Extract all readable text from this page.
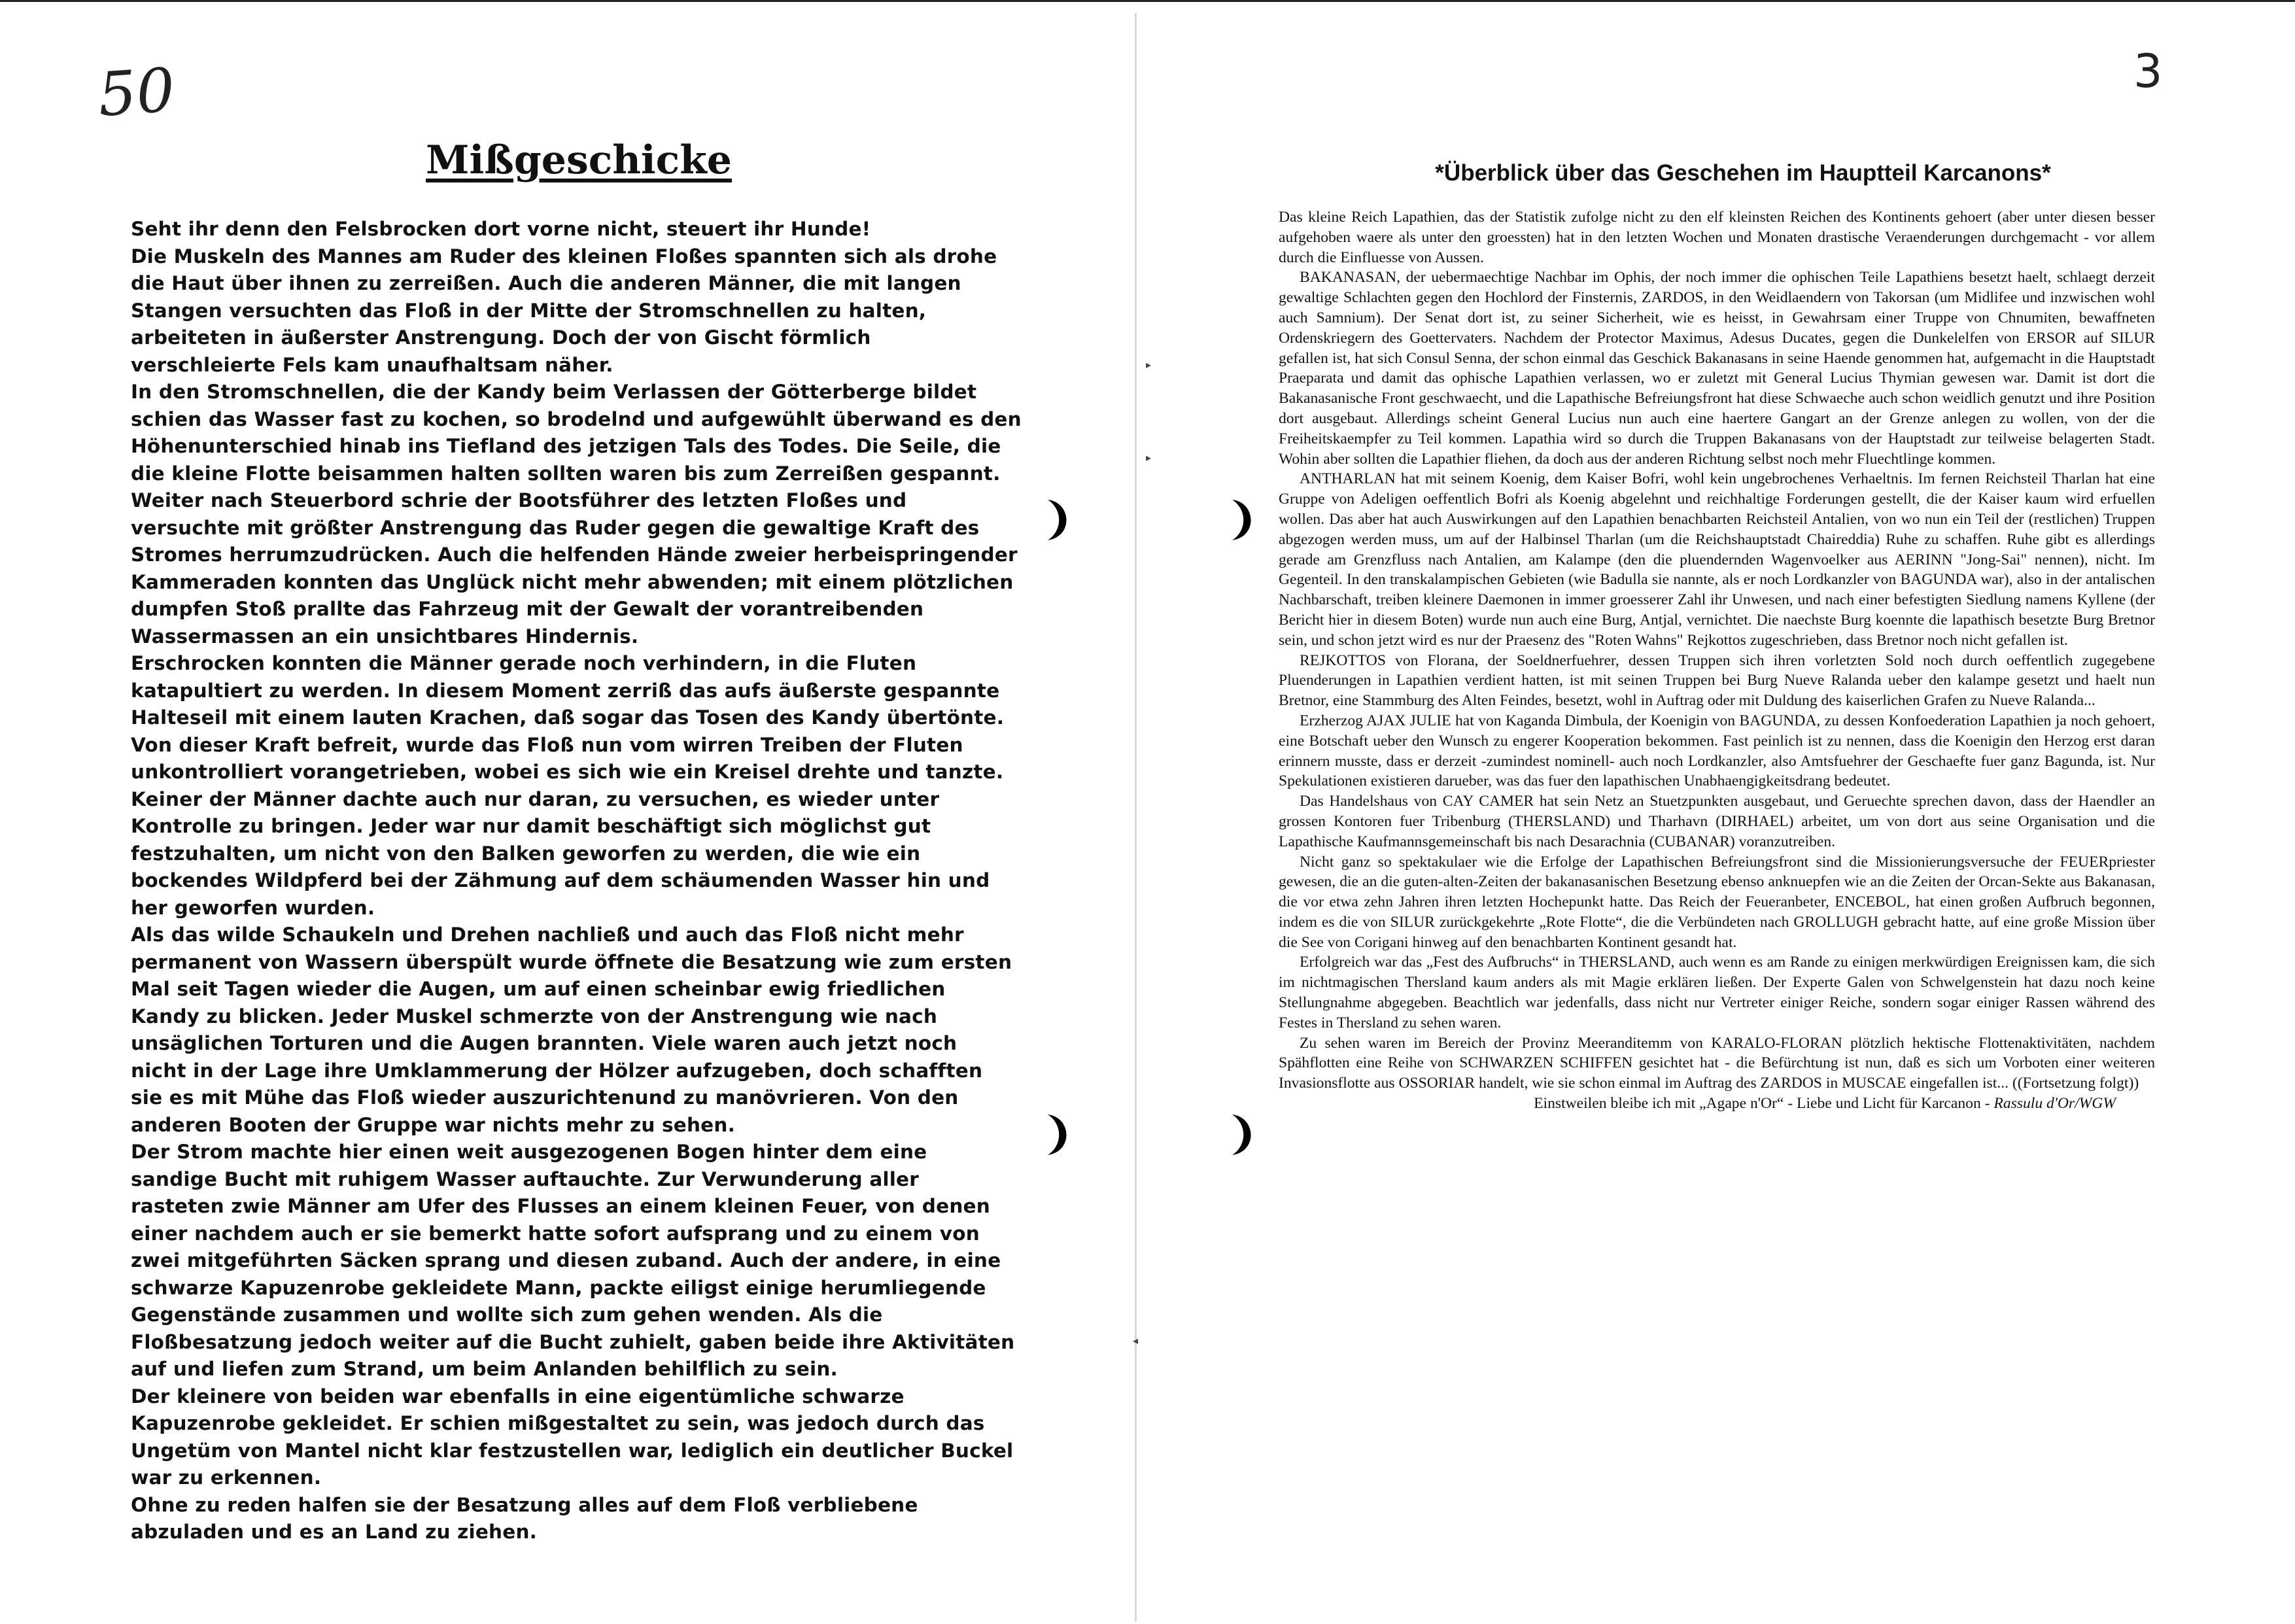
50
Mißgeschicke

Seht ihr denn den Felsbrocken dort vorne nicht, steuert ihr Hunde!

Die Muskeln des Mannes am Ruder des kleinen Floßes spannten sich als drohe

die Haut über ihnen zu zerreißen. Auch die anderen Männer, die mit langen

Stangen versuchten das Floß in der Mitte der Stromschnellen zu halten,

arbeiteten in äußerster Anstrengung. Doch der von Gischt förmlich

verschleierte Fels kam unaufhaltsam näher.

In den Stromschnellen, die der Kandy beim Verlassen der Götterberge bildet

schien das Wasser fast zu kochen, so brodelnd und aufgewühlt überwand es den

Höhenunterschied hinab ins Tiefland des jetzigen Tals des Todes. Die Seile, die

die kleine Flotte beisammen halten sollten waren bis zum Zerreißen gespannt.

Weiter nach Steuerbord schrie der Bootsführer des letzten Floßes und

versuchte mit größter Anstrengung das Ruder gegen die gewaltige Kraft des

Stromes herrumzudrücken. Auch die helfenden Hände zweier herbeispringender

Kammeraden konnten das Unglück nicht mehr abwenden; mit einem plötzlichen

dumpfen Stoß prallte das Fahrzeug mit der Gewalt der vorantreibenden

Wassermassen an ein unsichtbares Hindernis.

Erschrocken konnten die Männer gerade noch verhindern, in die Fluten

katapultiert zu werden. In diesem Moment zerriß das aufs äußerste gespannte

Halteseil mit einem lauten Krachen, daß sogar das Tosen des Kandy übertönte.

Von dieser Kraft befreit, wurde das Floß nun vom wirren Treiben der Fluten

unkontrolliert vorangetrieben, wobei es sich wie ein Kreisel drehte und tanzte.

Keiner der Männer dachte auch nur daran, zu versuchen, es wieder unter

Kontrolle zu bringen. Jeder war nur damit beschäftigt sich möglichst gut

festzuhalten, um nicht von den Balken geworfen zu werden, die wie ein

bockendes Wildpferd bei der Zähmung auf dem schäumenden Wasser hin und

her geworfen wurden.

Als das wilde Schaukeln und Drehen nachließ und auch das Floß nicht mehr

permanent von Wassern überspült wurde öffnete die Besatzung wie zum ersten

Mal seit Tagen wieder die Augen, um auf einen scheinbar ewig friedlichen

Kandy zu blicken. Jeder Muskel schmerzte von der Anstrengung wie nach

unsäglichen Torturen und die Augen brannten. Viele waren auch jetzt noch

nicht in der Lage ihre Umklammerung der Hölzer aufzugeben, doch schafften

sie es mit Mühe das Floß wieder auszurichtenund zu manövrieren. Von den

anderen Booten der Gruppe war nichts mehr zu sehen.

Der Strom machte hier einen weit ausgezogenen Bogen hinter dem eine

sandige Bucht mit ruhigem Wasser auftauchte. Zur Verwunderung aller

rasteten zwie Männer am Ufer des Flusses an einem kleinen Feuer, von denen

einer nachdem auch er sie bemerkt hatte sofort aufsprang und zu einem von

zwei mitgeführten Säcken sprang und diesen zuband. Auch der andere, in eine

schwarze Kapuzenrobe gekleidete Mann, packte eiligst einige herumliegende

Gegenstände zusammen und wollte sich zum gehen wenden. Als die

Floßbesatzung jedoch weiter auf die Bucht zuhielt, gaben beide ihre Aktivitäten

auf und liefen zum Strand, um beim Anlanden behilflich zu sein.

Der kleinere von beiden war ebenfalls in eine eigentümliche schwarze

Kapuzenrobe gekleidet. Er schien mißgestaltet zu sein, was jedoch durch das

Ungetüm von Mantel nicht klar festzustellen war, lediglich ein deutlicher Buckel

war zu erkennen.

Ohne zu reden halfen sie der Besatzung alles auf dem Floß verbliebene

abzuladen und es an Land zu ziehen.

▸
▸
◂
3
*Überblick über das Geschehen im Hauptteil Karcanons*

Das kleine Reich Lapathien, das der Statistik zufolge nicht zu den elf kleinsten Reichen des Kontinents gehoert (aber unter diesen besser aufgehoben waere als unter den groessten) hat in den letzten Wochen und Monaten drastische Veraenderungen durchgemacht - vor allem durch die Einfluesse von Aussen.

BAKANASAN, der uebermaechtige Nachbar im Ophis, der noch immer die ophischen Teile Lapathiens besetzt haelt, schlaegt derzeit gewaltige Schlachten gegen den Hochlord der Finsternis, ZARDOS, in den Weidlaendern von Takorsan (um Midlifee und inzwischen wohl auch Samnium). Der Senat dort ist, zu seiner Sicherheit, wie es heisst, in Gewahrsam einer Truppe von Chnumiten, bewaffneten Ordenskriegern des Goettervaters. Nachdem der Protector Maximus, Adesus Ducates, gegen die Dunkelelfen von ERSOR auf SILUR gefallen ist, hat sich Consul Senna, der schon einmal das Geschick Bakanasans in seine Haende genommen hat, aufgemacht in die Hauptstadt Praeparata und damit das ophische Lapathien verlassen, wo er zuletzt mit General Lucius Thymian gewesen war. Damit ist dort die Bakanasanische Front geschwaecht, und die Lapathische Befreiungsfront hat diese Schwaeche auch schon weidlich genutzt und ihre Position dort ausgebaut. Allerdings scheint General Lucius nun auch eine haertere Gangart an der Grenze anlegen zu wollen, von der die Freiheitskaempfer zu Teil kommen. Lapathia wird so durch die Truppen Bakanasans von der Hauptstadt zur teilweise belagerten Stadt. Wohin aber sollten die Lapathier fliehen, da doch aus der anderen Richtung selbst noch mehr Fluechtlinge kommen.

ANTHARLAN hat mit seinem Koenig, dem Kaiser Bofri, wohl kein ungebrochenes Verhaeltnis. Im fernen Reichsteil Tharlan hat eine Gruppe von Adeligen oeffentlich Bofri als Koenig abgelehnt und reichhaltige Forderungen gestellt, die der Kaiser kaum wird erfuellen wollen. Das aber hat auch Auswirkungen auf den Lapathien benachbarten Reichsteil Antalien, von wo nun ein Teil der (restlichen) Truppen abgezogen werden muss, um auf der Halbinsel Tharlan (um die Reichshauptstadt Chaireddia) Ruhe zu schaffen. Ruhe gibt es allerdings gerade am Grenzfluss nach Antalien, am Kalampe (den die pluendernden Wagenvoelker aus AERINN "Jong-Sai" nennen), nicht. Im Gegenteil. In den transkalampischen Gebieten (wie Badulla sie nannte, als er noch Lordkanzler von BAGUNDA war), also in der antalischen Nachbarschaft, treiben kleinere Daemonen in immer groesserer Zahl ihr Unwesen, und nach einer befestigten Siedlung namens Kyllene (der Bericht hier in diesem Boten) wurde nun auch eine Burg, Antjal, vernichtet. Die naechste Burg koennte die lapathisch besetzte Burg Bretnor sein, und schon jetzt wird es nur der Praesenz des "Roten Wahns" Rejkottos zugeschrieben, dass Bretnor noch nicht gefallen ist.

REJKOTTOS von Florana, der Soeldnerfuehrer, dessen Truppen sich ihren vorletzten Sold noch durch oeffentlich zugegebene Pluenderungen in Lapathien verdient hatten, ist mit seinen Truppen bei Burg Nueve Ralanda ueber den kalampe gesetzt und haelt nun Bretnor, eine Stammburg des Alten Feindes, besetzt, wohl in Auftrag oder mit Duldung des kaiserlichen Grafen zu Nueve Ralanda...

Erzherzog AJAX JULIE hat von Kaganda Dimbula, der Koenigin von BAGUNDA, zu dessen Konfoederation Lapathien ja noch gehoert, eine Botschaft ueber den Wunsch zu engerer Kooperation bekommen. Fast peinlich ist zu nennen, dass die Koenigin den Herzog erst daran erinnern musste, dass er derzeit -zumindest nominell- auch noch Lordkanzler, also Amtsfuehrer der Geschaefte fuer ganz Bagunda, ist. Nur Spekulationen existieren darueber, was das fuer den lapathischen Unabhaengigkeitsdrang bedeutet.

Das Handelshaus von CAY CAMER hat sein Netz an Stuetzpunkten ausgebaut, und Geruechte sprechen davon, dass der Haendler an grossen Kontoren fuer Tribenburg (THERSLAND) und Tharhavn (DIRHAEL) arbeitet, um von dort aus seine Organisation und die Lapathische Kaufmannsgemeinschaft bis nach Desarachnia (CUBANAR) voranzutreiben.

Nicht ganz so spektakulaer wie die Erfolge der Lapathischen Befreiungsfront sind die Missionierungsversuche der FEUERpriester gewesen, die an die guten-alten-Zeiten der bakanasanischen Besetzung ebenso anknuepfen wie an die Zeiten der Orcan-Sekte aus Bakanasan, die vor etwa zehn Jahren ihren letzten Hochepunkt hatte. Das Reich der Feueranbeter, ENCEBOL, hat einen großen Aufbruch begonnen, indem es die von SILUR zurückgekehrte „Rote Flotte“, die die Verbündeten nach GROLLUGH gebracht hatte, auf eine große Mission über die See von Corigani hinweg auf den benachbarten Kontinent gesandt hat.

Erfolgreich war das „Fest des Aufbruchs“ in THERSLAND, auch wenn es am Rande zu einigen merkwürdigen Ereignissen kam, die sich im nichtmagischen Thersland kaum anders als mit Magie erklären ließen. Der Experte Galen von Schwelgenstein hat dazu noch keine Stellungnahme abgegeben. Beachtlich war jedenfalls, dass nicht nur Vertreter einiger Reiche, sondern sogar einiger Rassen während des Festes in Thersland zu sehen waren.

Zu sehen waren im Bereich der Provinz Meeranditemm von KARALO-FLORAN plötzlich hektische Flottenaktivitäten, nachdem Spähflotten eine Reihe von SCHWARZEN SCHIFFEN gesichtet hat - die Befürchtung ist nun, daß es sich um Vorboten einer weiteren Invasionsflotte aus OSSORIAR handelt, wie sie schon einmal im Auftrag des ZARDOS in MUSCAE eingefallen ist... ((Fortsetzung folgt))

Einstweilen bleibe ich mit „Agape n'Or“ - Liebe und Licht für Karcanon - Rassulu d'Or/WGW
